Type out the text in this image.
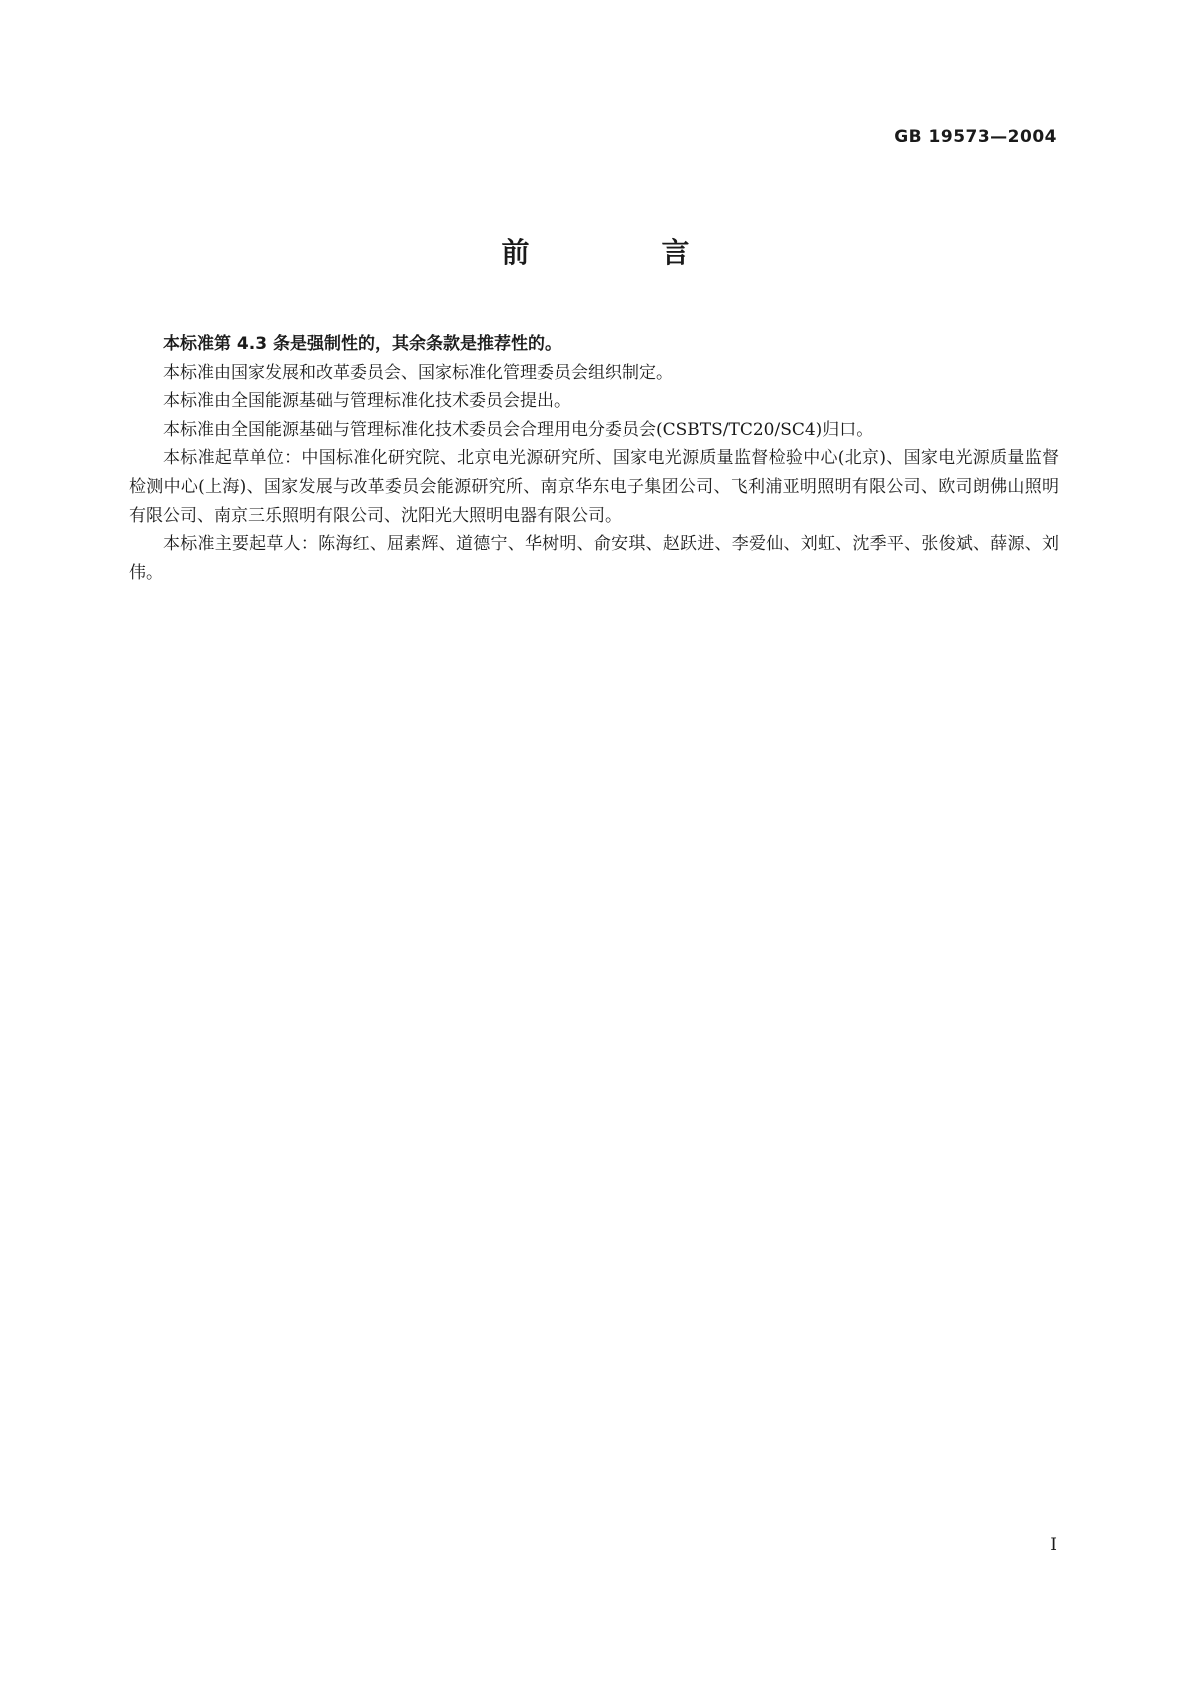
GB 19573—2004
前　言

本标准第 4.3 条是强制性的，其余条款是推荐性的。

本标准由国家发展和改革委员会、国家标准化管理委员会组织制定。

本标准由全国能源基础与管理标准化技术委员会提出。

本标准由全国能源基础与管理标准化技术委员会合理用电分委员会(CSBTS/TC20/SC4)归口。

本标准起草单位：中国标准化研究院、北京电光源研究所、国家电光源质量监督检验中心(北京)、国家电光源质量监督检测中心(上海)、国家发展与改革委员会能源研究所、南京华东电子集团公司、飞利浦亚明照明有限公司、欧司朗佛山照明有限公司、南京三乐照明有限公司、沈阳光大照明电器有限公司。

本标准主要起草人：陈海红、屈素辉、道德宁、华树明、俞安琪、赵跃进、李爱仙、刘虹、沈季平、张俊斌、薛源、刘伟。

I
